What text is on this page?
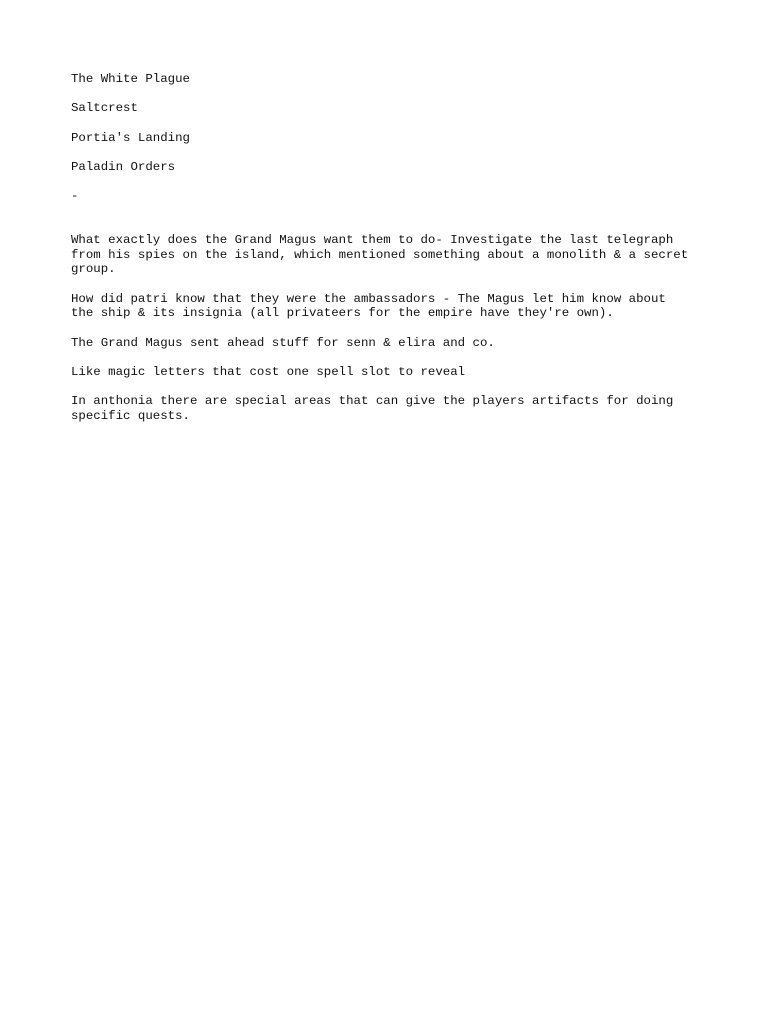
The White Plague

Saltcrest

Portia's Landing

Paladin Orders

-

What exactly does the Grand Magus want them to do- Investigate the last telegraph
from his spies on the island, which mentioned something about a monolith & a secret
group.

How did patri know that they were the ambassadors - The Magus let him know about
the ship & its insignia (all privateers for the empire have they're own).

The Grand Magus sent ahead stuff for senn & elira and co.

Like magic letters that cost one spell slot to reveal

In anthonia there are special areas that can give the players artifacts for doing
specific quests.
